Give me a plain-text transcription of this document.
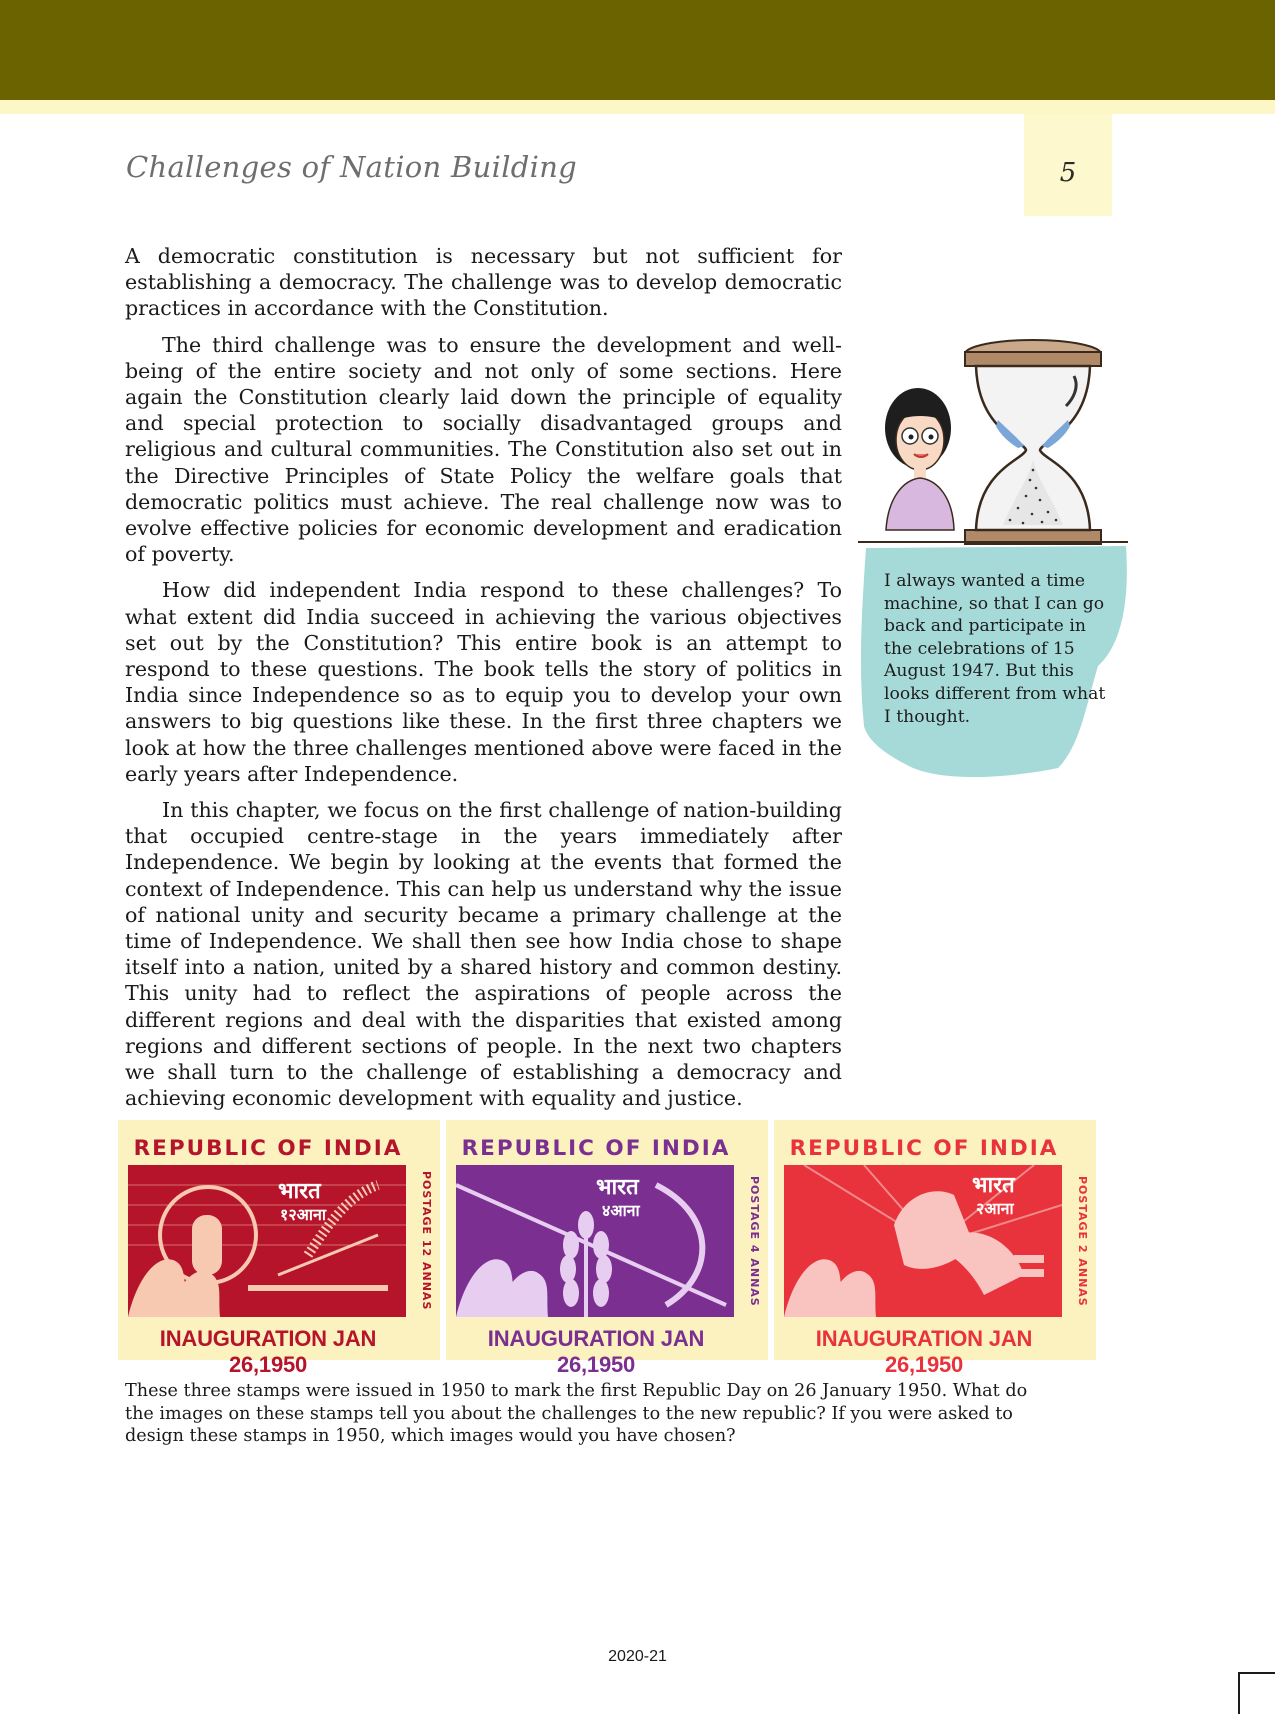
Challenges of Nation Building	5

A democratic constitution is necessary but not sufficient for establishing a democracy. The challenge was to develop democratic practices in accordance with the Constitution.

The third challenge was to ensure the development and well-being of the entire society and not only of some sections. Here again the Constitution clearly laid down the principle of equality and special protection to socially disadvantaged groups and religious and cultural communities. The Constitution also set out in the Directive Principles of State Policy the welfare goals that democratic politics must achieve. The real challenge now was to evolve effective policies for economic development and eradication of poverty.

How did independent India respond to these challenges? To what extent did India succeed in achieving the various objectives set out by the Constitution? This entire book is an attempt to respond to these questions. The book tells the story of politics in India since Independence so as to equip you to develop your own answers to big questions like these. In the first three chapters we look at how the three challenges mentioned above were faced in the early years after Independence.

In this chapter, we focus on the first challenge of nation-building that occupied centre-stage in the years immediately after Independence. We begin by looking at the events that formed the context of Independence. This can help us understand why the issue of national unity and security became a primary challenge at the time of Independence. We shall then see how India chose to shape itself into a nation, united by a shared history and common destiny. This unity had to reflect the aspirations of people across the different regions and deal with the disparities that existed among regions and different sections of people. In the next two chapters we shall turn to the challenge of establishing a democracy and achieving economic development with equality and justice.

I always wanted a time machine, so that I can go back and participate in the celebrations of 15 August 1947. But this looks different from what I thought.
REPUBLIC OF INDIA
भारत
१२आना	POSTAGE 12 ANNAS
INAUGURATION JAN 26,1950
REPUBLIC OF INDIA
भारत
४आना	POSTAGE 4 ANNAS
INAUGURATION JAN 26,1950
REPUBLIC OF INDIA
भारत
२आना	POSTAGE 2 ANNAS
INAUGURATION JAN 26,1950
These three stamps were issued in 1950 to mark the first Republic Day on 26 January 1950. What do the images on these stamps tell you about the challenges to the new republic? If you were asked to design these stamps in 1950, which images would you have chosen?
2020-21
